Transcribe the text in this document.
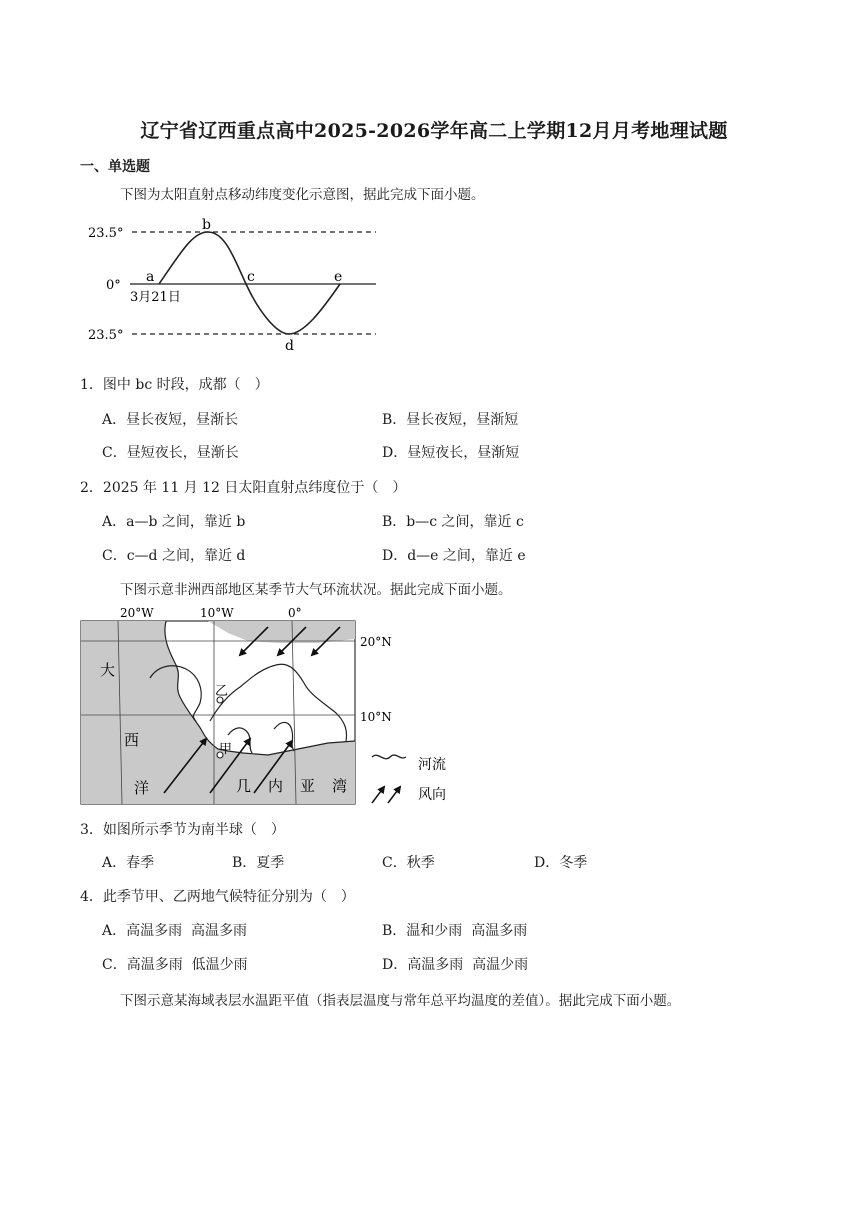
辽宁省辽西重点高中2025-2026学年高二上学期12月月考地理试题
一、单选题
下图为太阳直射点移动纬度变化示意图，据此完成下面小题。
23.5°
0°
23.5°
3月21日
a
b
c
d
e
1．图中 bc 时段，成都（　）
A．昼长夜短，昼渐长	B．昼长夜短，昼渐短
C．昼短夜长，昼渐长	D．昼短夜长，昼渐短
2．2025 年 11 月 12 日太阳直射点纬度位于（　）
A．a—b 之间，靠近 b	B．b—c 之间，靠近 c
C．c—d 之间，靠近 d	D．d—e 之间，靠近 e
下图示意非洲西部地区某季节大气环流状况。据此完成下面小题。
乙
甲
大
西
洋	几 内 亚 湾
20°W	10°W	0°
20°N
10°N
河流
风向
3．如图所示季节为南半球（　）
A．春季	B．夏季	C．秋季	D．冬季
4．此季节甲、乙两地气候特征分别为（　）
A．高温多雨  高温多雨	B．温和少雨  高温多雨
C．高温多雨  低温少雨	D．高温多雨  高温少雨
下图示意某海域表层水温距平值（指表层温度与常年总平均温度的差值）。据此完成下面小题。
